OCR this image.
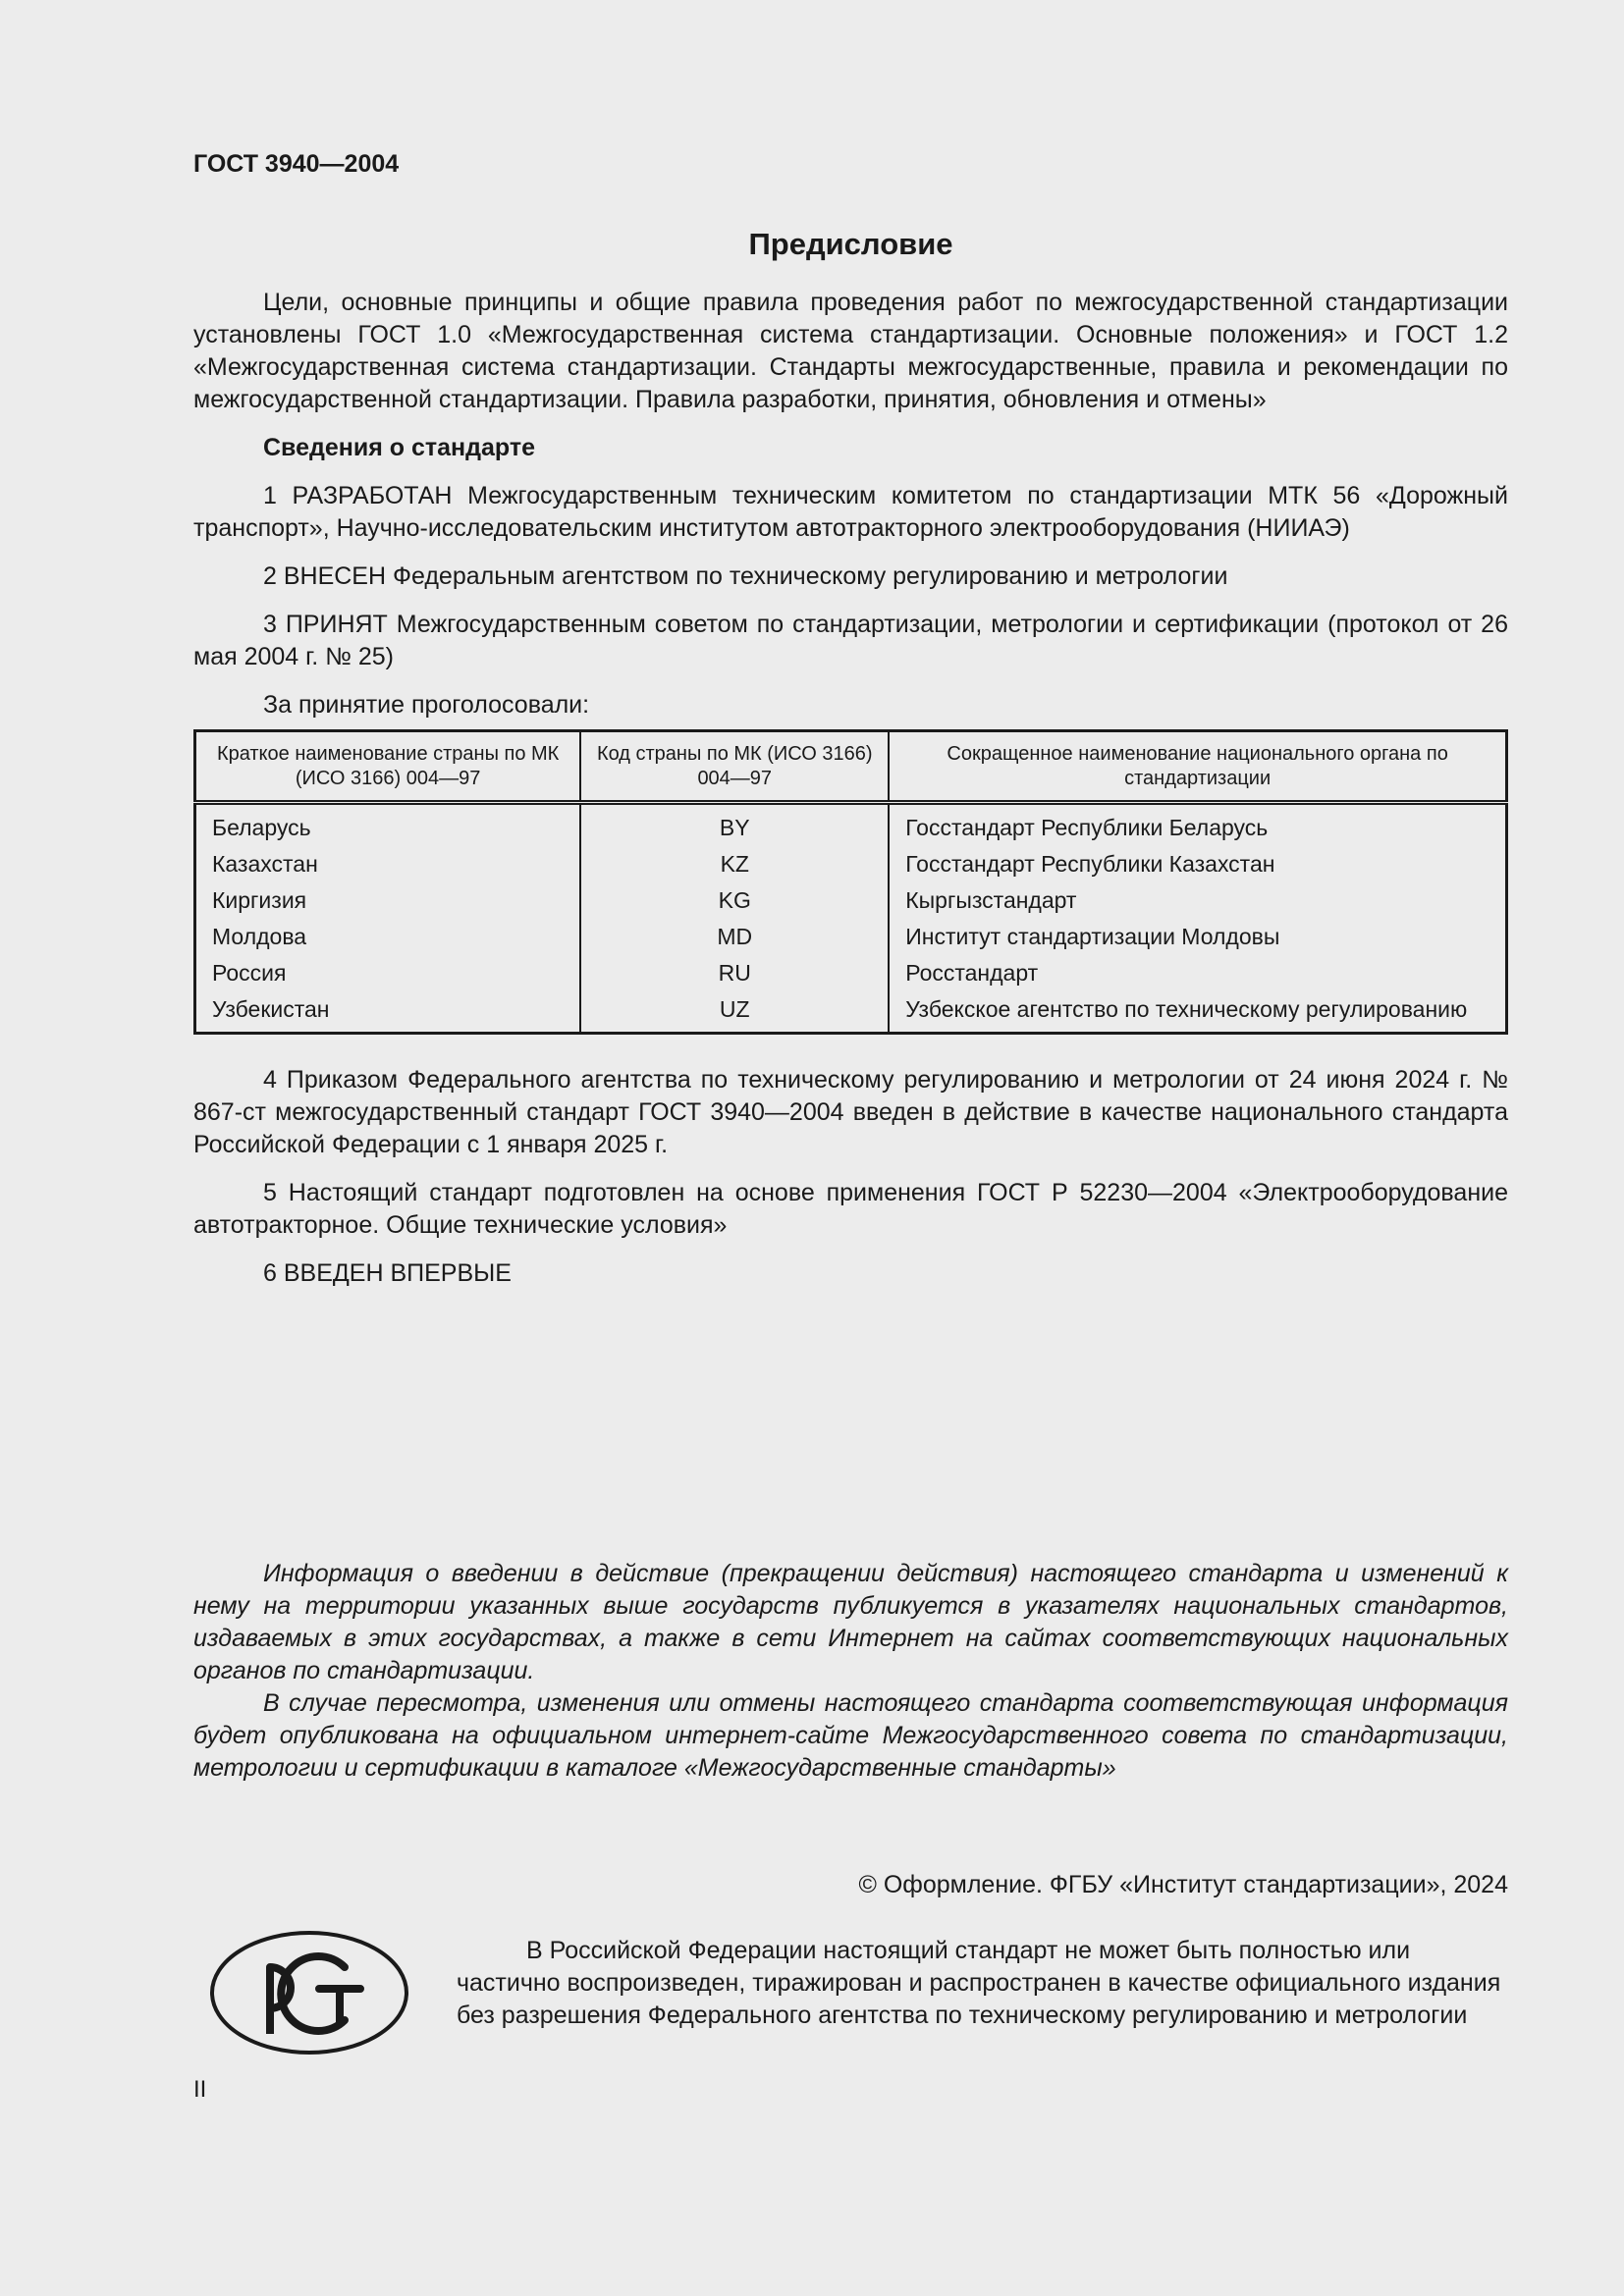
ГОСТ 3940—2004
Предисловие

Цели, основные принципы и общие правила проведения работ по межгосударственной стандартизации установлены ГОСТ 1.0 «Межгосударственная система стандартизации. Основные положения» и ГОСТ 1.2 «Межгосударственная система стандартизации. Стандарты межгосударственные, правила и рекомендации по межгосударственной стандартизации. Правила разработки, принятия, обновления и отмены»

Сведения о стандарте

1 РАЗРАБОТАН Межгосударственным техническим комитетом по стандартизации МТК 56 «Дорожный транспорт», Научно-исследовательским институтом автотракторного электрооборудования (НИИАЭ)

2 ВНЕСЕН Федеральным агентством по техническому регулированию и метрологии

3 ПРИНЯТ Межгосударственным советом по стандартизации, метрологии и сертификации (протокол от 26 мая 2004 г. № 25)

За принятие проголосовали:

Краткое наименование страны по МК (ИСО 3166) 004—97	Код страны по МК (ИСО 3166) 004—97	Сокращенное наименование национального органа по стандартизации
Беларусь	BY	Госстандарт Республики Беларусь
Казахстан	KZ	Госстандарт Республики Казахстан
Киргизия	KG	Кыргызстандарт
Молдова	MD	Институт стандартизации Молдовы
Россия	RU	Росстандарт
Узбекистан	UZ	Узбекское агентство по техническому регулированию

4 Приказом Федерального агентства по техническому регулированию и метрологии от 24 июня 2024 г. № 867-ст межгосударственный стандарт ГОСТ 3940—2004 введен в действие в качестве национального стандарта Российской Федерации с 1 января 2025 г.

5 Настоящий стандарт подготовлен на основе применения ГОСТ Р 52230—2004 «Электрооборудование автотракторное. Общие технические условия»

6 ВВЕДЕН ВПЕРВЫЕ

Информация о введении в действие (прекращении действия) настоящего стандарта и изменений к нему на территории указанных выше государств публикуется в указателях национальных стандартов, издаваемых в этих государствах, а также в сети Интернет на сайтах соответствующих национальных органов по стандартизации.

В случае пересмотра, изменения или отмены настоящего стандарта соответствующая информация будет опубликована на официальном интернет-сайте Межгосударственного совета по стандартизации, метрологии и сертификации в каталоге «Межгосударственные стандарты»

© Оформление. ФГБУ «Институт стандартизации», 2024

В Российской Федерации настоящий стандарт не может быть полностью или частично воспроизведен, тиражирован и распространен в качестве официального издания без разрешения Федерального агентства по техническому регулированию и метрологии

II
